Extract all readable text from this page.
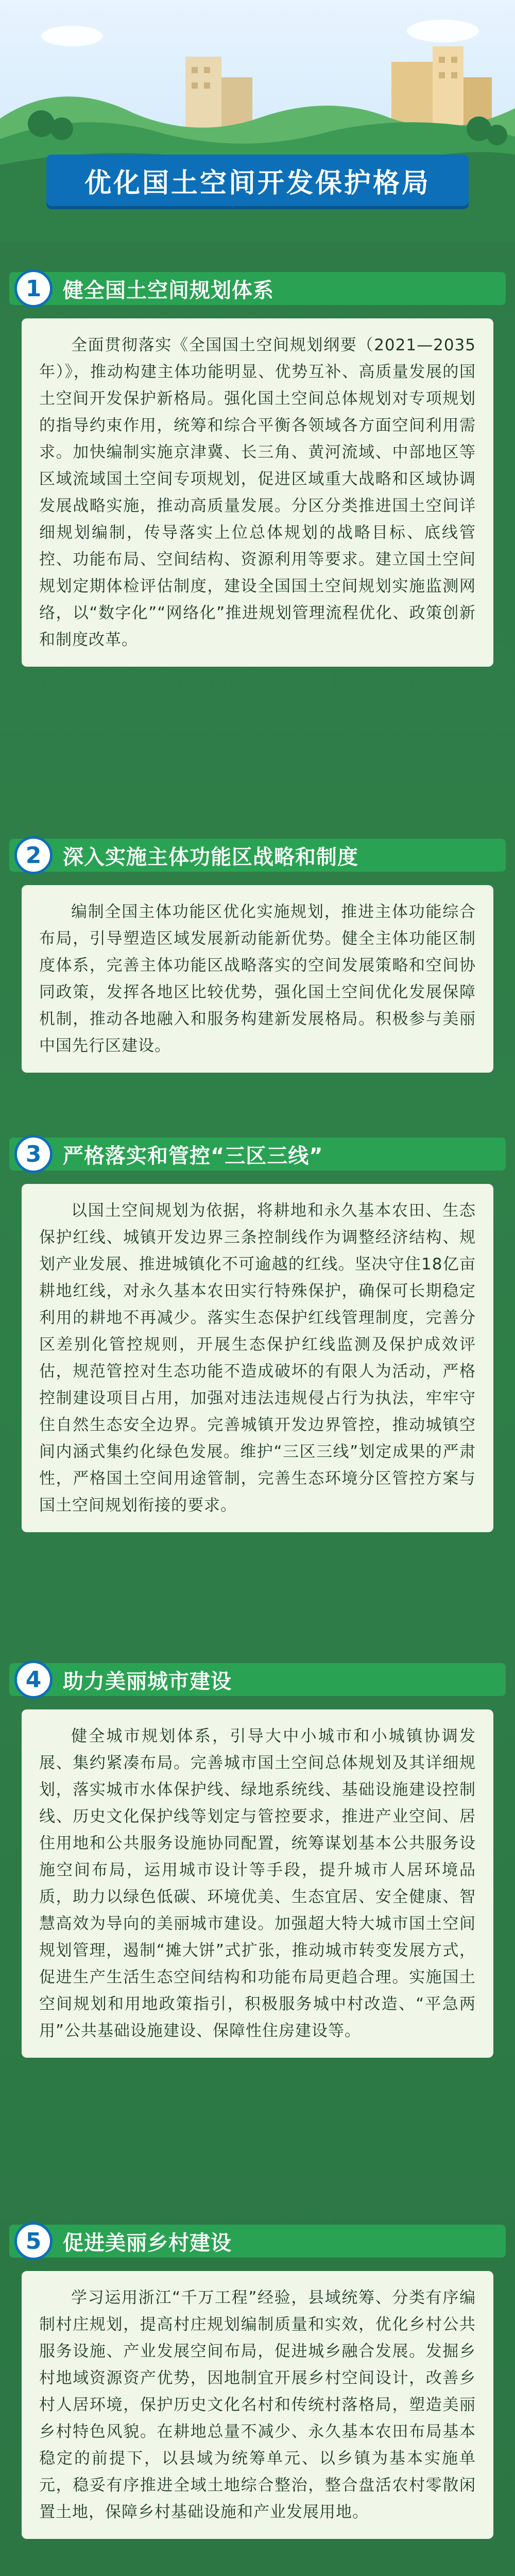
优化国土空间开发保护格局
1	健全国土空间规划体系

全面贯彻落实《全国国土空间规划纲要（2021—2035年）》，推动构建主体功能明显、优势互补、高质量发展的国土空间开发保护新格局。强化国土空间总体规划对专项规划的指导约束作用，统筹和综合平衡各领域各方面空间利用需求。加快编制实施京津冀、长三角、黄河流域、中部地区等区域流域国土空间专项规划，促进区域重大战略和区域协调发展战略实施，推动高质量发展。分区分类推进国土空间详细规划编制，传导落实上位总体规划的战略目标、底线管控、功能布局、空间结构、资源利用等要求。建立国土空间规划定期体检评估制度，建设全国国土空间规划实施监测网络，以“数字化”“网络化”推进规划管理流程优化、政策创新和制度改革。

2	深入实施主体功能区战略和制度

编制全国主体功能区优化实施规划，推进主体功能综合布局，引导塑造区域发展新动能新优势。健全主体功能区制度体系，完善主体功能区战略落实的空间发展策略和空间协同政策，发挥各地区比较优势，强化国土空间优化发展保障机制，推动各地融入和服务构建新发展格局。积极参与美丽中国先行区建设。

3	严格落实和管控“三区三线”

以国土空间规划为依据，将耕地和永久基本农田、生态保护红线、城镇开发边界三条控制线作为调整经济结构、规划产业发展、推进城镇化不可逾越的红线。坚决守住18亿亩耕地红线，对永久基本农田实行特殊保护，确保可长期稳定利用的耕地不再减少。落实生态保护红线管理制度，完善分区差别化管控规则，开展生态保护红线监测及保护成效评估，规范管控对生态功能不造成破坏的有限人为活动，严格控制建设项目占用，加强对违法违规侵占行为执法，牢牢守住自然生态安全边界。完善城镇开发边界管控，推动城镇空间内涵式集约化绿色发展。维护“三区三线”划定成果的严肃性，严格国土空间用途管制，完善生态环境分区管控方案与国土空间规划衔接的要求。

4	助力美丽城市建设

健全城市规划体系，引导大中小城市和小城镇协调发展、集约紧凑布局。完善城市国土空间总体规划及其详细规划，落实城市水体保护线、绿地系统线、基础设施建设控制线、历史文化保护线等划定与管控要求，推进产业空间、居住用地和公共服务设施协同配置，统筹谋划基本公共服务设施空间布局，运用城市设计等手段，提升城市人居环境品质，助力以绿色低碳、环境优美、生态宜居、安全健康、智慧高效为导向的美丽城市建设。加强超大特大城市国土空间规划管理，遏制“摊大饼”式扩张，推动城市转变发展方式，促进生产生活生态空间结构和功能布局更趋合理。实施国土空间规划和用地政策指引，积极服务城中村改造、“平急两用”公共基础设施建设、保障性住房建设等。

5	促进美丽乡村建设

学习运用浙江“千万工程”经验，县域统筹、分类有序编制村庄规划，提高村庄规划编制质量和实效，优化乡村公共服务设施、产业发展空间布局，促进城乡融合发展。发掘乡村地域资源资产优势，因地制宜开展乡村空间设计，改善乡村人居环境，保护历史文化名村和传统村落格局，塑造美丽乡村特色风貌。在耕地总量不减少、永久基本农田布局基本稳定的前提下，以县域为统筹单元、以乡镇为基本实施单元，稳妥有序推进全域土地综合整治，整合盘活农村零散闲置土地，保障乡村基础设施和产业发展用地。
